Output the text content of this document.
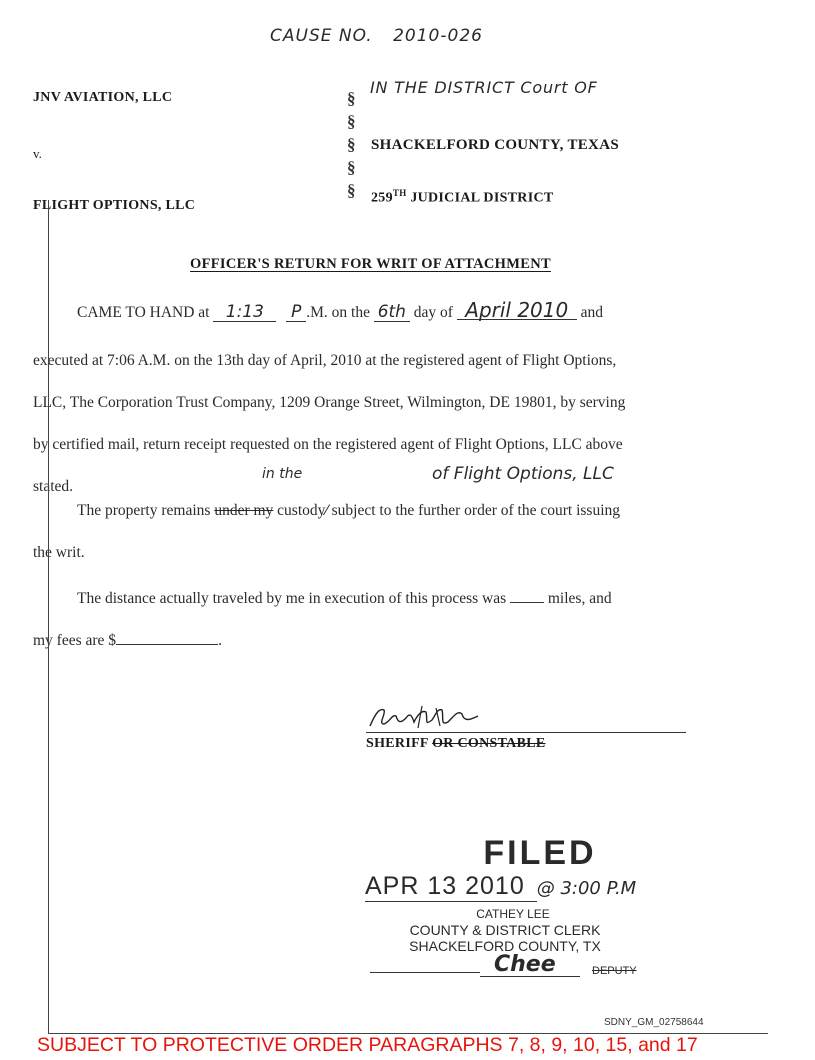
CAUSE NO. 2010-026
JNV AVIATION, LLC
v.
FLIGHT OPTIONS, LLC
§
§
§
§
§
IN THE DISTRICT Court OF
SHACKELFORD COUNTY, TEXAS
259TH JUDICIAL DISTRICT
OFFICER'S RETURN FOR WRIT OF ATTACHMENT
CAME TO HAND at 1:13 P .M. on the 6th day of April 2010 and
executed at 7:06 A.M. on the 13th day of April, 2010 at the registered agent of Flight Options,
LLC, The Corporation Trust Company, 1209 Orange Street, Wilmington, DE 19801, by serving
by certified mail, return receipt requested on the registered agent of Flight Options, LLC above
stated.
in the	of Flight Options, LLC
The property remains under my custody⁄ subject to the further order of the court issuing
the writ.
The distance actually traveled by me in execution of this process was	miles, and
my fees are $	.
SHERIFF OR CONSTABLE
FILED
APR 13 2010 @ 3:00 P.M
CATHEY LEE
COUNTY & DISTRICT CLERK
SHACKELFORD COUNTY, TX
Chee	DEPUTY
SDNY_GM_02758644
SUBJECT TO PROTECTIVE ORDER PARAGRAPHS 7, 8, 9, 10, 15, and 17
